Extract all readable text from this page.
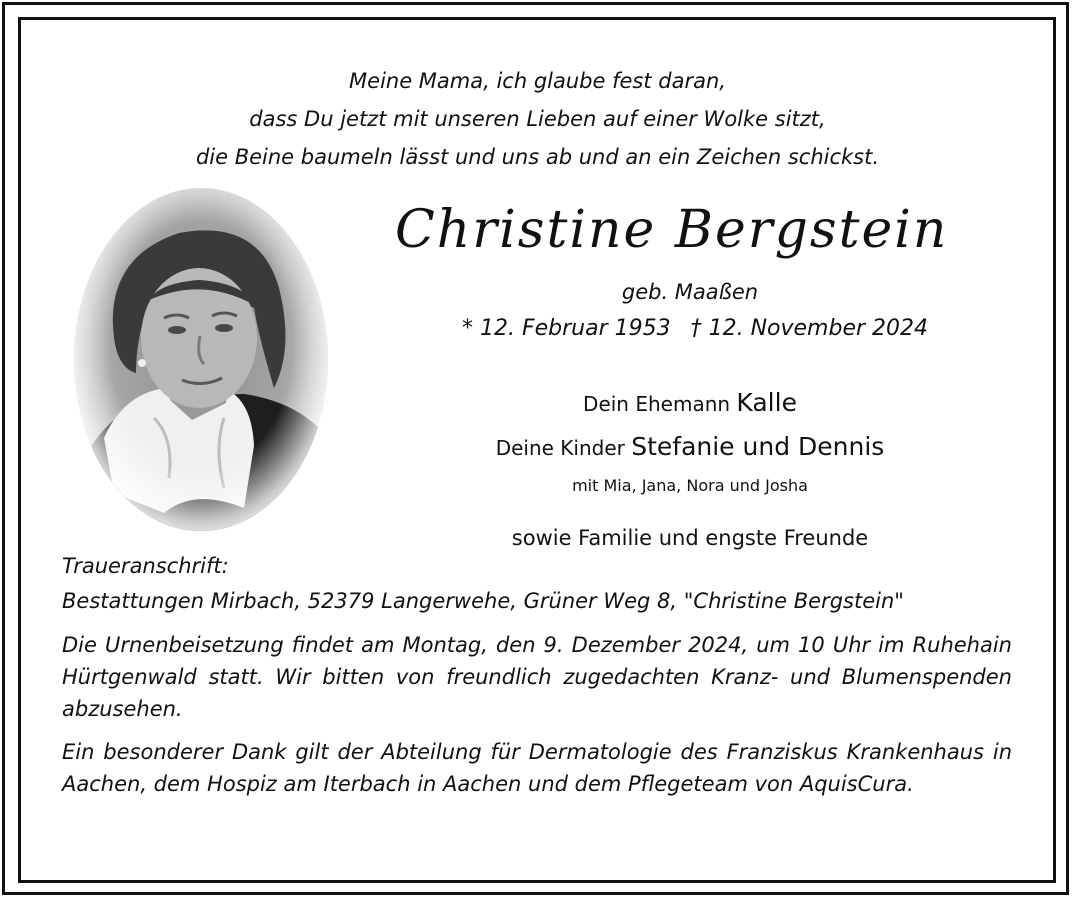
Meine Mama, ich glaube fest daran,
dass Du jetzt mit unseren Lieben auf einer Wolke sitzt,
die Beine baumeln lässt und uns ab und an ein Zeichen schickst.
Christine Bergstein
geb. Maaßen
* 12. Februar 1953 † 12. November 2024
Dein Ehemann Kalle
Deine Kinder Stefanie und Dennis
mit Mia, Jana, Nora und Josha
sowie Familie und engste Freunde
Traueranschrift:
Bestattungen Mirbach, 52379 Langerwehe, Grüner Weg 8, "Christine Bergstein"
Die Urnenbeisetzung findet am Montag, den 9. Dezember 2024, um 10 Uhr im Ruhehain Hürtgenwald statt. Wir bitten von freundlich zugedachten Kranz- und Blumenspenden abzusehen.
Ein besonderer Dank gilt der Abteilung für Dermatologie des Franziskus Krankenhaus in Aachen, dem Hospiz am Iterbach in Aachen und dem Pflegeteam von AquisCura.
